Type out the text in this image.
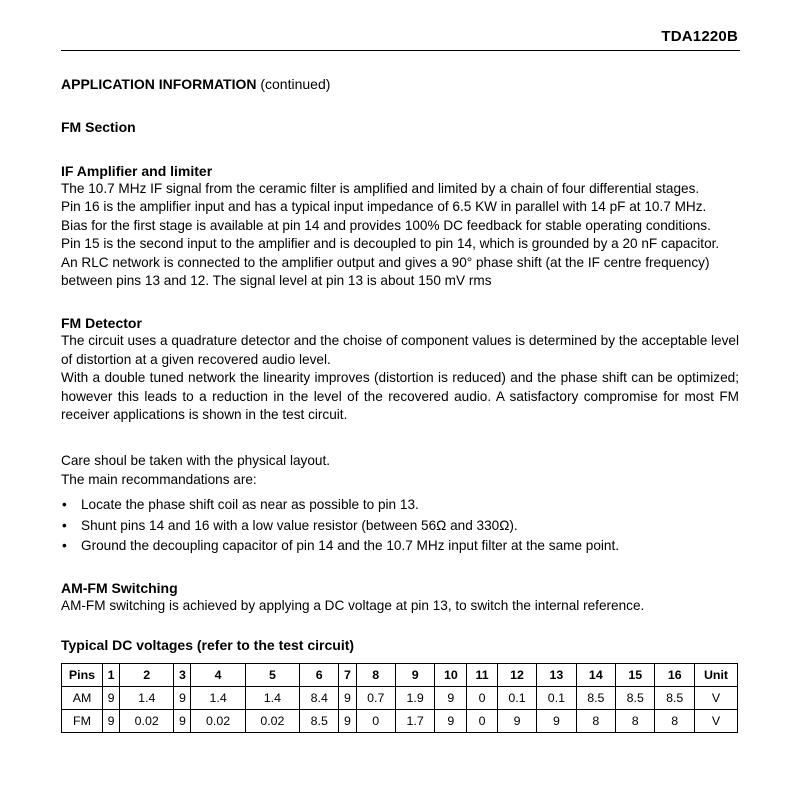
TDA1220B
APPLICATION INFORMATION (continued)
FM Section
IF Amplifier and limiter

The 10.7 MHz IF signal from the ceramic filter is amplified and limited by a chain of four differential stages.

Pin 16 is the amplifier input and has a typical input impedance of 6.5 KW in parallel with 14 pF at 10.7 MHz.

Bias for the first stage is available at pin 14 and provides 100% DC feedback for stable operating conditions.

Pin 15 is the second input to the amplifier and is decoupled to pin 14, which is grounded by a 20 nF capacitor.

An RLC network is connected to the amplifier output and gives a 90° phase shift (at the IF centre frequency)

between pins 13 and 12. The signal level at pin 13 is about 150 mV rms

FM Detector

The circuit uses a quadrature detector and the choise of component values is determined by the acceptable level of distortion at a given recovered audio level.

With a double tuned network the linearity improves (distortion is reduced) and the phase shift can be optimized; however this leads to a reduction in the level of the recovered audio. A satisfactory compromise for most FM receiver applications is shown in the test circuit.

Care shoul be taken with the physical layout.

The main recommandations are:

• Locate the phase shift coil as near as possible to pin 13.
• Shunt pins 14 and 16 with a low value resistor (between 56Ω and 330Ω).
• Ground the decoupling capacitor of pin 14 and the 10.7 MHz input filter at the same point.
AM-FM Switching

AM-FM switching is achieved by applying a DC voltage at pin 13, to switch the internal reference.

Typical DC voltages (refer to the test circuit)
Pins	1	2	3	4	5	6	7	8	9	10	11	12	13	14	15	16	Unit
AM	9	1.4	9	1.4	1.4	8.4	9	0.7	1.9	9	0	0.1	0.1	8.5	8.5	8.5	V
FM	9	0.02	9	0.02	0.02	8.5	9	0	1.7	9	0	9	9	8	8	8	V
